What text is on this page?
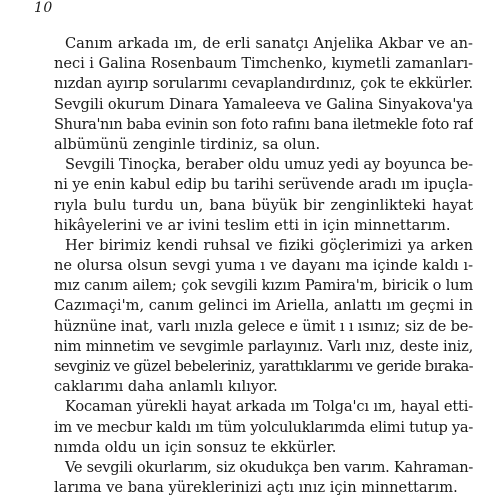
10
Canım arkada ım, de erli sanatçı Anjelika Akbar ve an-
neci i Galina Rosenbaum Timchenko, kıymetli zamanları-
nızdan ayırıp sorularımı cevaplandırdınız, çok te ekkürler.
Sevgili okurum Dinara Yamaleeva ve Galina Sinyakova'ya
Shura'nın baba evinin son foto rafını bana iletmekle foto raf
albümünü zenginle tirdiniz, sa olun.
Sevgili Tinoçka, beraber oldu umuz yedi ay boyunca be-
ni ye enin kabul edip bu tarihi serüvende aradı ım ipuçla-
rıyla bulu turdu un, bana büyük bir zenginlikteki hayat
hikâyelerini ve ar ivini teslim etti in için minnettarım.
Her birimiz kendi ruhsal ve fiziki göçlerimizi ya arken
ne olursa olsun sevgi yuma ı ve dayanı ma içinde kaldı ı-
mız canım ailem; çok sevgili kızım Pamira'm, biricik o lum
Cazımaçi'm, canım gelinci im Ariella, anlattı ım geçmi in
hüznüne inat, varlı ınızla gelece e ümit ı ı ısınız; siz de be-
nim minnetim ve sevgimle parlayınız. Varlı ınız, deste iniz,
sevginiz ve güzel bebeleriniz, yarattıklarımı ve geride bıraka-
caklarımı daha anlamlı kılıyor.
Kocaman yürekli hayat arkada ım Tolga'cı ım, hayal etti-
im ve mecbur kaldı ım tüm yolculuklarımda elimi tutup ya-
nımda oldu un için sonsuz te ekkürler.
Ve sevgili okurlarım, siz okudukça ben varım. Kahraman-
larıma ve bana yüreklerinizi açtı ınız için minnettarım.
